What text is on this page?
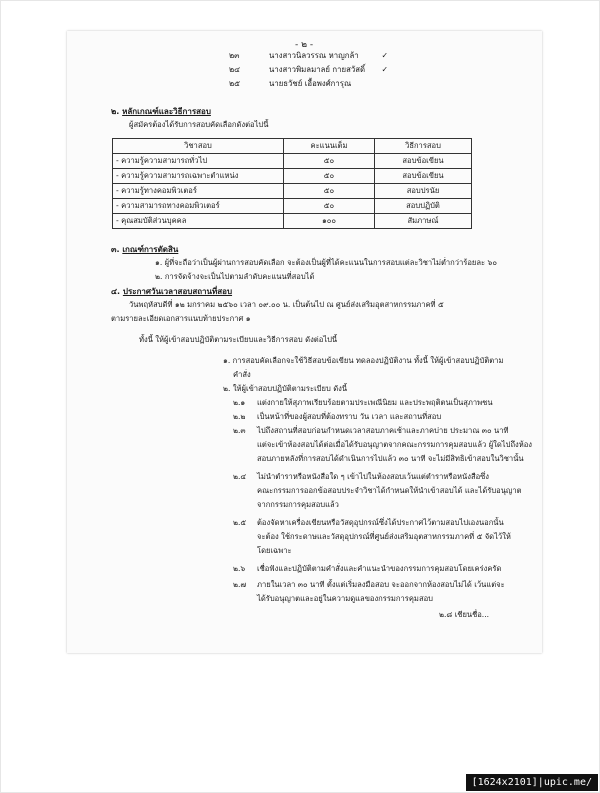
- ๒ -
๒๓	นางสาวนิลวรรณ หาญกล้า	✓
๒๔	นางสาวพิมลมาลย์ กายสวัสดิ์ ✓
๒๕	นายธวัชย์ เอื้อพงศ์การุณ
๒. หลักเกณฑ์และวิธีการสอบ
ผู้สมัครต้องได้รับการสอบคัดเลือกดังต่อไปนี้
วิชาสอบ	คะแนนเต็ม	วิธีการสอบ
- ความรู้ความสามารถทั่วไป	๕๐	สอบข้อเขียน
- ความรู้ความสามารถเฉพาะตำแหน่ง	๕๐	สอบข้อเขียน
- ความรู้ทางคอมพิวเตอร์	๕๐	สอบปรนัย
- ความสามารถทางคอมพิวเตอร์	๕๐	สอบปฏิบัติ
- คุณสมบัติส่วนบุคคล	๑๐๐	สัมภาษณ์
๓. เกณฑ์การตัดสิน
๑. ผู้ที่จะถือว่าเป็นผู้ผ่านการสอบคัดเลือก จะต้องเป็นผู้ที่ได้คะแนนในการสอบแต่ละวิชาไม่ต่ำกว่าร้อยละ ๖๐
๒. การจัดจ้างจะเป็นไปตามลำดับคะแนนที่สอบได้
๔. ประกาศวันเวลาสอบสถานที่สอบ
วันพฤหัสบดีที่ ๑๒ มกราคม ๒๕๖๐ เวลา ๐๙.๐๐ น. เป็นต้นไป ณ ศูนย์ส่งเสริมอุตสาหกรรมภาคที่ ๕
ตามรายละเอียดเอกสารแนบท้ายประกาศ ๑
ทั้งนี้ ให้ผู้เข้าสอบปฏิบัติตามระเบียบและวิธีการสอบ ดังต่อไปนี้
๑. การสอบคัดเลือกจะใช้วิธีสอบข้อเขียน ทดลองปฏิบัติงาน ทั้งนี้ ให้ผู้เข้าสอบปฏิบัติตาม
คำสั่ง
๒. ให้ผู้เข้าสอบปฏิบัติตามระเบียบ ดังนี้
๒.๑ แต่งกายให้สุภาพเรียบร้อยตามประเพณีนิยม และประพฤติตนเป็นสุภาพชน
๒.๒ เป็นหน้าที่ของผู้สอบที่ต้องทราบ วัน เวลา และสถานที่สอบ
๒.๓ ไปถึงสถานที่สอบก่อนกำหนดเวลาสอบภาคเช้าและภาคบ่าย ประมาณ ๓๐ นาที
แต่จะเข้าห้องสอบได้ต่อเมื่อได้รับอนุญาตจากคณะกรรมการคุมสอบแล้ว ผู้ใดไปถึงห้อง
สอบภายหลังที่การสอบได้ดำเนินการไปแล้ว ๓๐ นาที จะไม่มีสิทธิเข้าสอบในวิชานั้น
๒.๔ ไม่นำตำราหรือหนังสือใด ๆ เข้าไปในห้องสอบเว้นแต่ตำราหรือหนังสือซึ่ง
คณะกรรมการออกข้อสอบประจำวิชาได้กำหนดให้นำเข้าสอบได้ และได้รับอนุญาต
จากกรรมการคุมสอบแล้ว
๒.๕ ต้องจัดหาเครื่องเขียนหรือวัสดุอุปกรณ์ซึ่งได้ประกาศไว้ตามสอบไปเองนอกนั้น
จะต้อง ใช้กระดาษและวัสดุอุปกรณ์ที่ศูนย์ส่งเสริมอุตสาหกรรมภาคที่ ๕ จัดไว้ให้
โดยเฉพาะ
๒.๖ เชื่อฟังและปฏิบัติตามคำสั่งและคำแนะนำของกรรมการคุมสอบโดยเคร่งครัด
๒.๗ ภายในเวลา ๓๐ นาที ตั้งแต่เริ่มลงมือสอบ จะออกจากห้องสอบไม่ได้ เว้นแต่จะ
ได้รับอนุญาตและอยู่ในความดูแลของกรรมการคุมสอบ
๒.๘ เชียนชื่อ...
[1624x2101]|upic.me/
